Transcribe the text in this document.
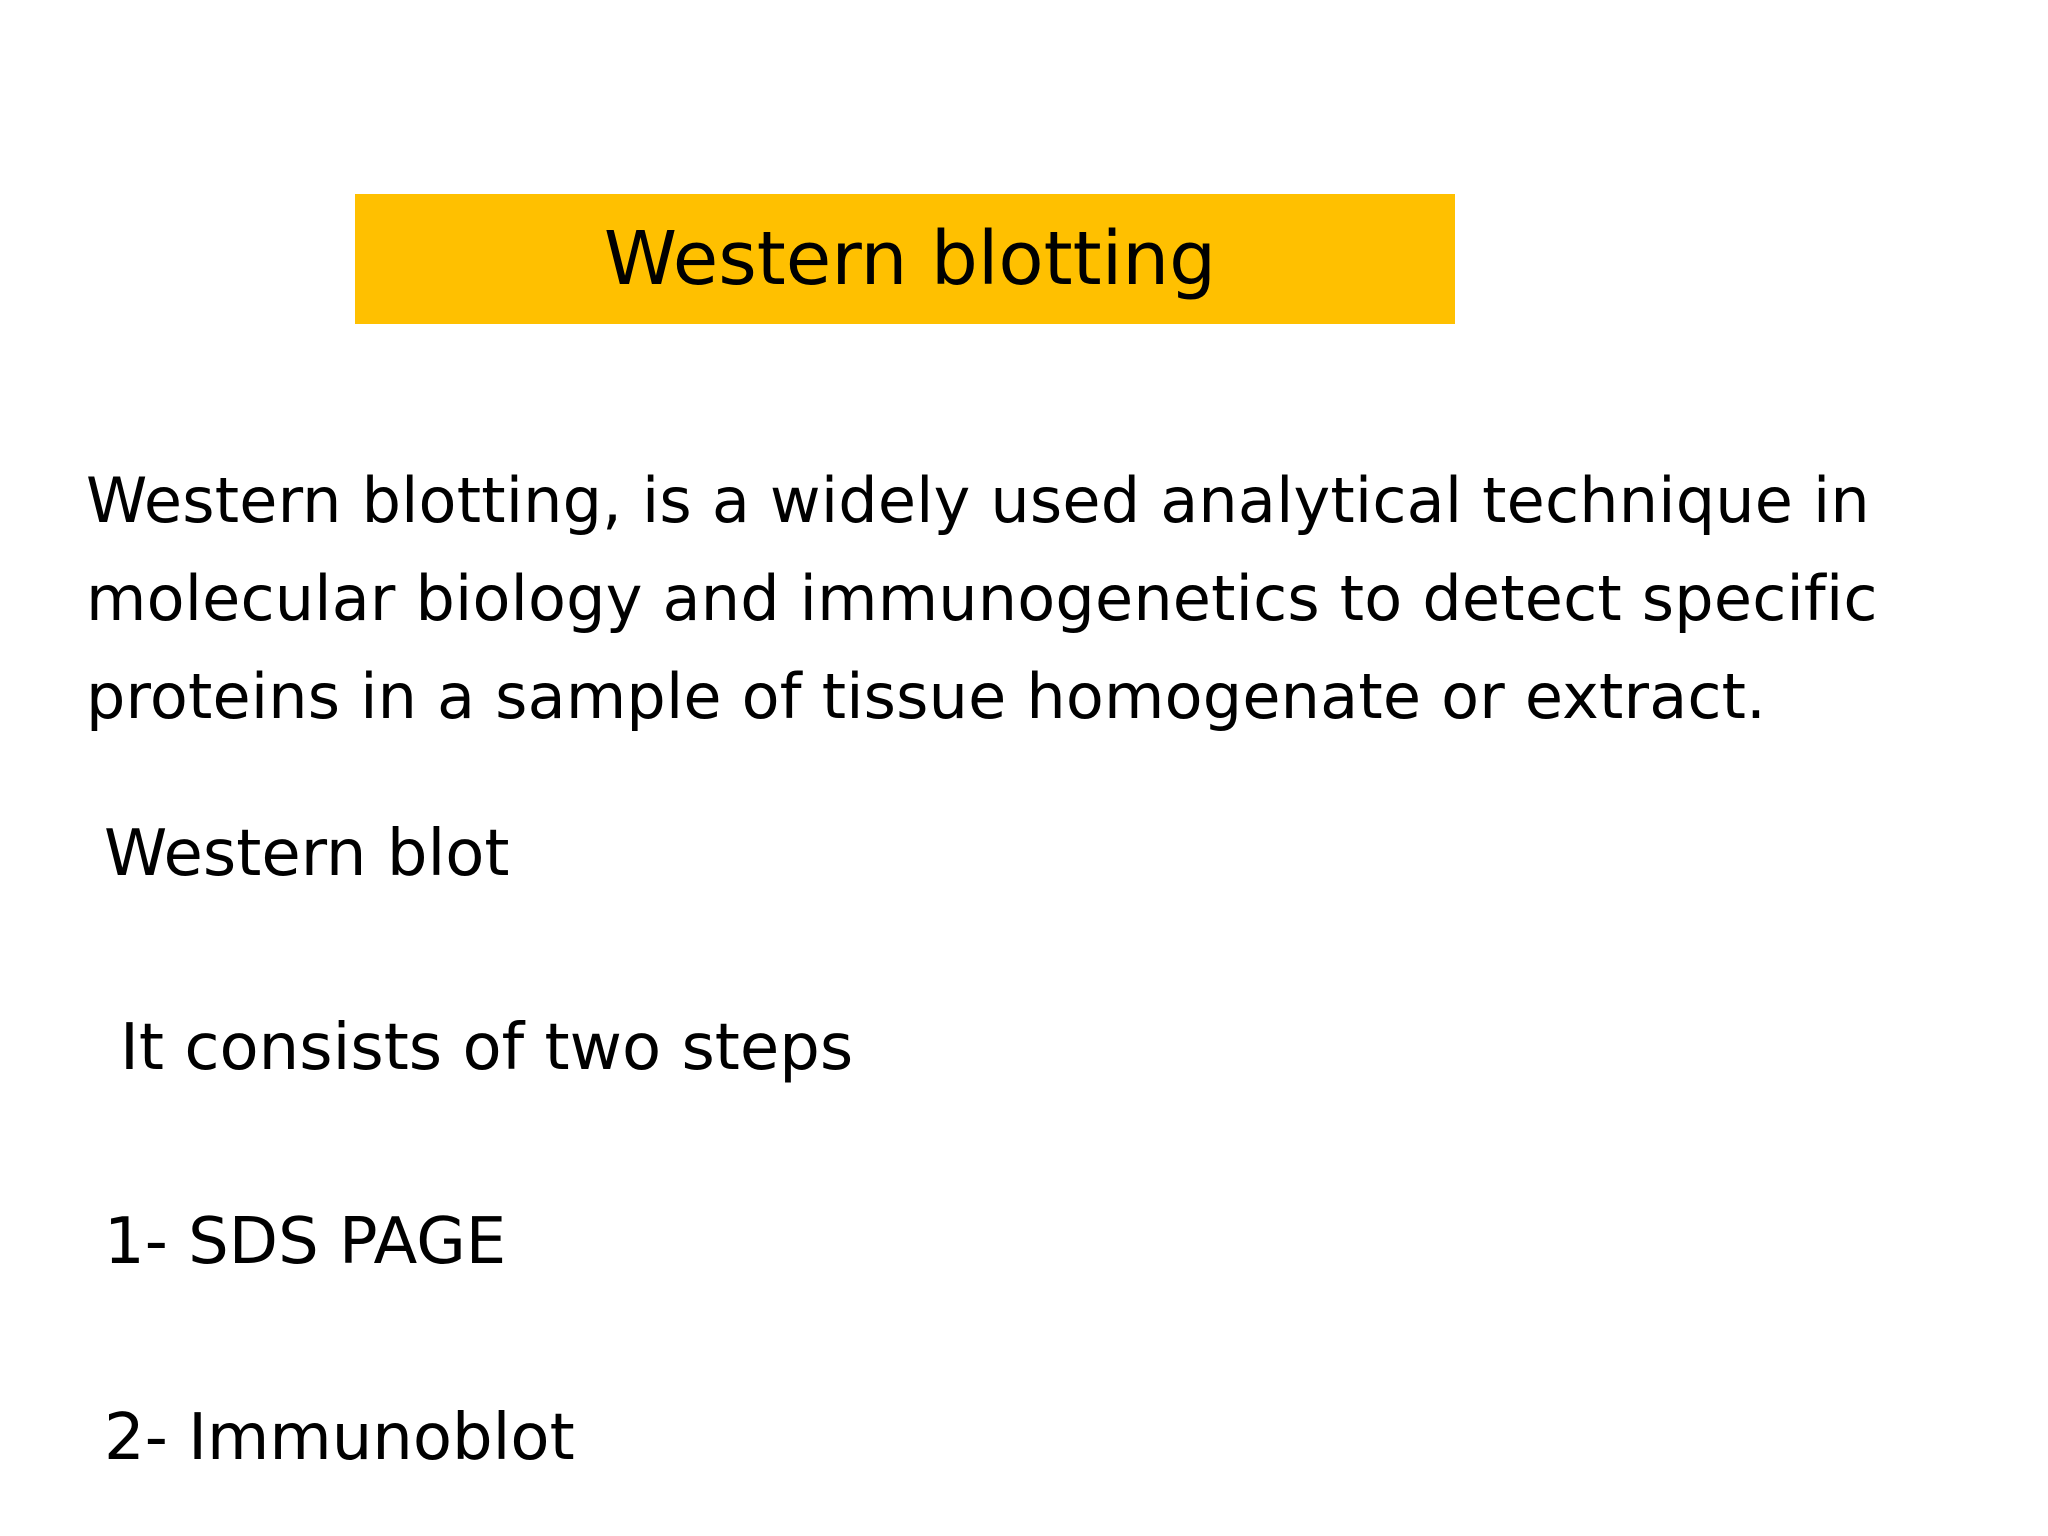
Western blotting
Western blotting, is a widely used analytical technique in
molecular biology and immunogenetics to detect specific
proteins in a sample of tissue homogenate or extract.
Western blot
It consists of two steps
1- SDS PAGE
2- Immunoblot
